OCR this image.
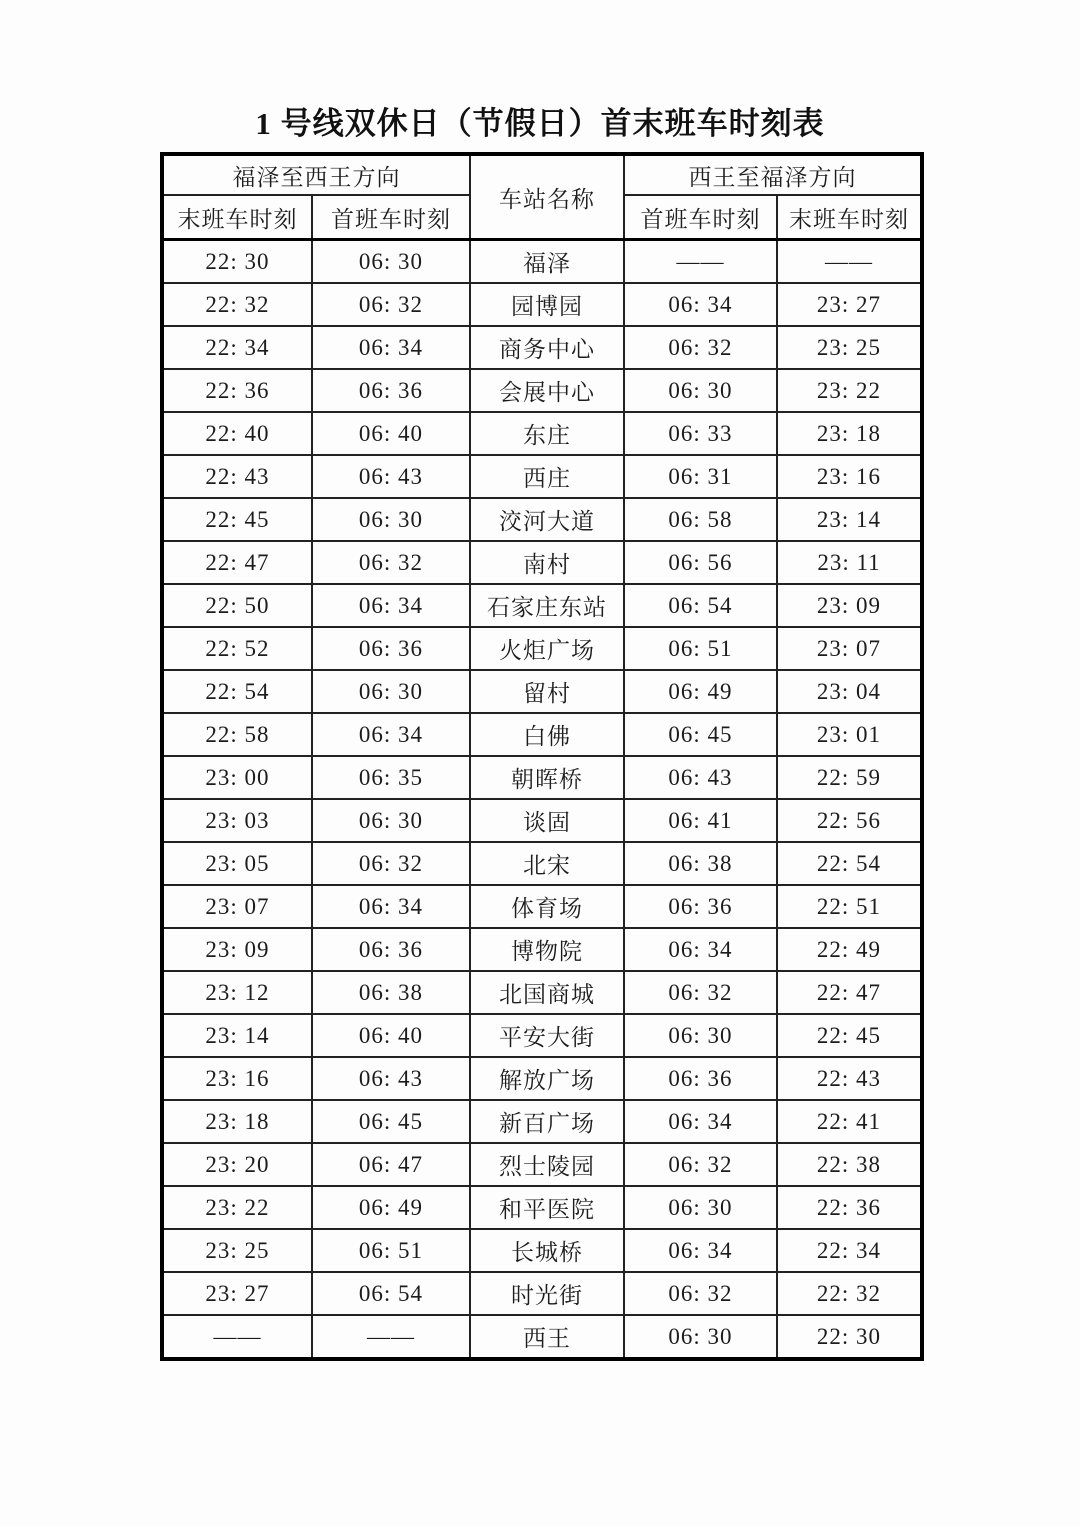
1 号线双休日（节假日）首末班车时刻表
福泽至西王方向		车站名称	西王至福泽方向	
末班车时刻	首班车时刻		首班车时刻	末班车时刻
22: 30	06: 30	福泽	——	——
22: 32	06: 32	园博园	06: 34	23: 27
22: 34	06: 34	商务中心	06: 32	23: 25
22: 36	06: 36	会展中心	06: 30	23: 22
22: 40	06: 40	东庄	06: 33	23: 18
22: 43	06: 43	西庄	06: 31	23: 16
22: 45	06: 30	洨河大道	06: 58	23: 14
22: 47	06: 32	南村	06: 56	23: 11
22: 50	06: 34	石家庄东站	06: 54	23: 09
22: 52	06: 36	火炬广场	06: 51	23: 07
22: 54	06: 30	留村	06: 49	23: 04
22: 58	06: 34	白佛	06: 45	23: 01
23: 00	06: 35	朝晖桥	06: 43	22: 59
23: 03	06: 30	谈固	06: 41	22: 56
23: 05	06: 32	北宋	06: 38	22: 54
23: 07	06: 34	体育场	06: 36	22: 51
23: 09	06: 36	博物院	06: 34	22: 49
23: 12	06: 38	北国商城	06: 32	22: 47
23: 14	06: 40	平安大街	06: 30	22: 45
23: 16	06: 43	解放广场	06: 36	22: 43
23: 18	06: 45	新百广场	06: 34	22: 41
23: 20	06: 47	烈士陵园	06: 32	22: 38
23: 22	06: 49	和平医院	06: 30	22: 36
23: 25	06: 51	长城桥	06: 34	22: 34
23: 27	06: 54	时光街	06: 32	22: 32
——	——	西王	06: 30	22: 30
